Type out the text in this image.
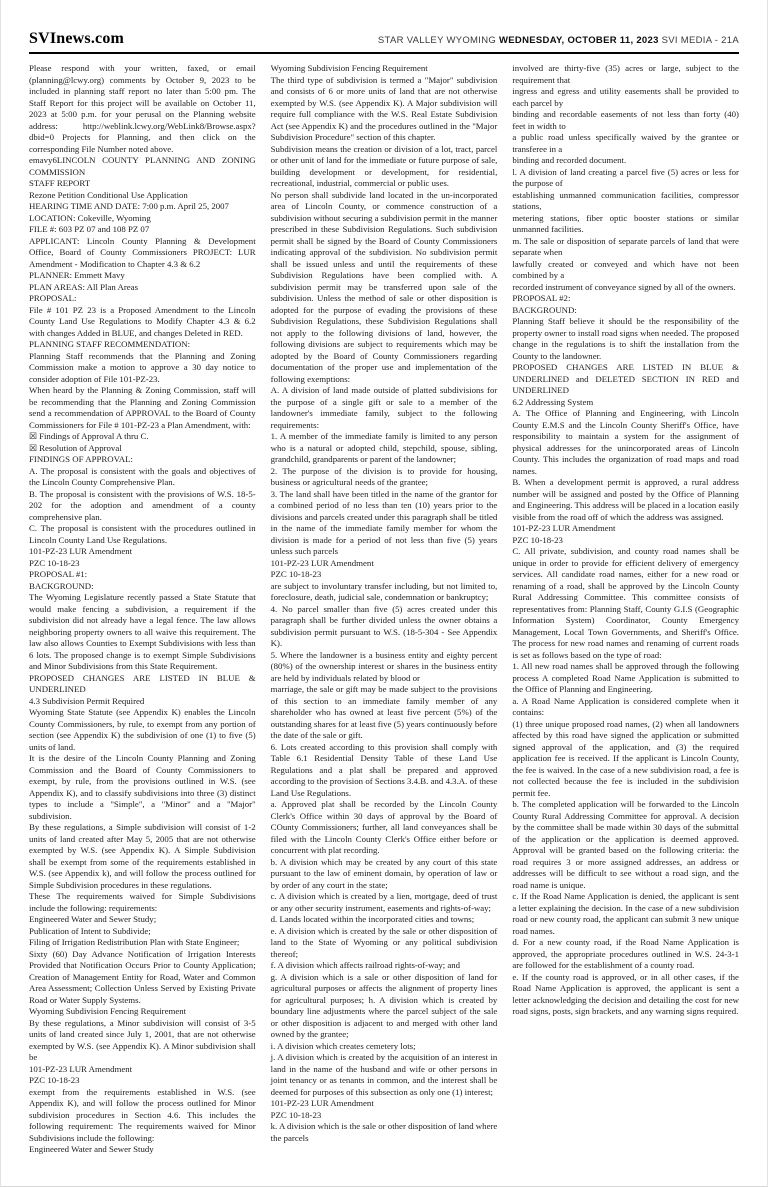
SVInews.com	STAR VALLEY WYOMING WEDNESDAY, OCTOBER 11, 2023 SVI MEDIA - 21A

Please respond with your written, faxed, or email (planning@lcwy.org) comments by October 9, 2023 to be included in planning staff report no later than 5:00 pm. The Staff Report for this project will be available on October 11, 2023 at 5:00 p.m. for your perusal on the Planning website address: http://weblink.lcwy.org/WebLink8/Browse.aspx?dbid=0 Projects for Planning, and then click on the corresponding File Number noted above.

emavy6LINCOLN COUNTY PLANNING AND ZONING COMMISSION

STAFF REPORT

Rezone Petition Conditional Use Application

HEARING TIME AND DATE: 7:00 p.m. April 25, 2007

LOCATION: Cokeville, Wyoming

FILE #: 603 PZ 07 and 108 PZ 07

APPLICANT: Lincoln County Planning & Development Office, Board of County Commissioners PROJECT: LUR Amendment - Modification to Chapter 4.3 & 6.2

PLANNER: Emmett Mavy

PLAN AREAS: All Plan Areas

PROPOSAL:

File # 101 PZ 23 is a Proposed Amendment to the Lincoln County Land Use Regulations to Modify Chapter 4.3 & 6.2 with changes Added in BLUE, and changes Deleted in RED.

PLANNING STAFF RECOMMENDATION:

Planning Staff recommends that the Planning and Zoning Commission make a motion to approve a 30 day notice to consider adoption of File 101-PZ-23.

When heard by the Planning & Zoning Commission, staff will be recommending that the Planning and Zoning Commission send a recommendation of APPROVAL to the Board of County Commissioners for File # 101-PZ-23 a Plan Amendment, with:

☒ Findings of Approval A thru C.

☒ Resolution of Approval

FINDINGS OF APPROVAL:

A. The proposal is consistent with the goals and objectives of the Lincoln County Comprehensive Plan.

B. The proposal is consistent with the provisions of W.S. 18-5-202 for the adoption and amendment of a county comprehensive plan.

C. The proposal is consistent with the procedures outlined in Lincoln County Land Use Regulations.

101-PZ-23 LUR Amendment

PZC 10-18-23

PROPOSAL #1:

BACKGROUND:

The Wyoming Legislature recently passed a State Statute that would make fencing a subdivision, a requirement if the subdivision did not already have a legal fence. The law allows neighboring property owners to all waive this requirement. The law also allows Counties to Exempt Subdivisions with less than 6 lots. The proposed change is to exempt Simple Subdivisions and Minor Subdivisions from this State Requirement.

PROPOSED CHANGES ARE LISTED IN BLUE & UNDERLINED

4.3 Subdivision Permit Required

Wyoming State Statute (see Appendix K) enables the Lincoln County Commissioners, by rule, to exempt from any portion of section (see Appendix K) the subdivision of one (1) to five (5) units of land.

It is the desire of the Lincoln County Planning and Zoning Commission and the Board of County Commissioners to exempt, by rule, from the provisions outlined in W.S. (see Appendix K), and to classify subdivisions into three (3) distinct types to include a "Simple", a "Minor" and a "Major" subdivision.

By these regulations, a Simple subdivision will consist of 1-2 units of land created after May 5, 2005 that are not otherwise exempted by W.S. (see Appendix K). A Simple Subdivision shall be exempt from some of the requirements established in W.S. (see Appendix k), and will follow the process outlined for Simple Subdivision procedures in these regulations.

These The requirements waived for Simple Subdivisions include the following: requirements:

Engineered Water and Sewer Study;

Publication of Intent to Subdivide;

Filing of Irrigation Redistribution Plan with State Engineer;

Sixty (60) Day Advance Notification of Irrigation Interests Provided that Notification Occurs Prior to County Application; Creation of Management Entity for Road, Water and Common Area Assessment; Collection Unless Served by Existing Private Road or Water Supply Systems.

Wyoming Subdivision Fencing Requirement

By these regulations, a Minor subdivision will consist of 3-5 units of land created since July 1, 2001, that are not otherwise exempted by W.S. (see Appendix K). A Minor subdivision shall be

101-PZ-23 LUR Amendment

PZC 10-18-23

exempt from the requirements established in W.S. (see Appendix K), and will follow the process outlined for Minor subdivision procedures in Section 4.6. This includes the following requirement: The requirements waived for Minor Subdivisions include the following:

Engineered Water and Sewer Study

Wyoming Subdivision Fencing Requirement

The third type of subdivision is termed a "Major" subdivision and consists of 6 or more units of land that are not otherwise exempted by W.S. (see Appendix K). A Major subdivision will require full compliance with the W.S. Real Estate Subdivision Act (see Appendix K) and the procedures outlined in the "Major Subdivision Procedure" section of this chapter.

Subdivision means the creation or division of a lot, tract, parcel or other unit of land for the immediate or future purpose of sale, building development or development, for residential, recreational, industrial, commercial or public uses.

No person shall subdivide land located in the un-incorporated area of Lincoln County, or commence construction of a subdivision without securing a subdivision permit in the manner prescribed in these Subdivision Regulations. Such subdivision permit shall be signed by the Board of County Commissioners indicating approval of the subdivision. No subdivision permit shall be issued unless and until the requirements of these Subdivision Regulations have been complied with. A subdivision permit may be transferred upon sale of the subdivision. Unless the method of sale or other disposition is adopted for the purpose of evading the provisions of these Subdivision Regulations, these Subdivision Regulations shall not apply to the following divisions of land, however, the following divisions are subject to requirements which may be adopted by the Board of County Commissioners regarding documentation of the proper use and implementation of the following exemptions:

A. A division of land made outside of platted subdivisions for the purpose of a single gift or sale to a member of the landowner's immediate family, subject to the following requirements:

1. A member of the immediate family is limited to any person who is a natural or adopted child, stepchild, spouse, sibling, grandchild, grandparents or parent of the landowner;

2. The purpose of the division is to provide for housing, business or agricultural needs of the grantee;

3. The land shall have been titled in the name of the grantor for a combined period of no less than ten (10) years prior to the divisions and parcels created under this paragraph shall be titled in the name of the immediate family member for whom the division is made for a period of not less than five (5) years unless such parcels

101-PZ-23 LUR Amendment

PZC 10-18-23

are subject to involuntary transfer including, but not limited to, foreclosure, death, judicial sale, condemnation or bankruptcy;

4. No parcel smaller than five (5) acres created under this paragraph shall be further divided unless the owner obtains a subdivision permit pursuant to W.S. (18-5-304 - See Appendix K).

5. Where the landowner is a business entity and eighty percent (80%) of the ownership interest or shares in the business entity are held by individuals related by blood or

marriage, the sale or gift may be made subject to the provisions of this section to an immediate family member of any shareholder who has owned at least five percent (5%) of the outstanding shares for at least five (5) years continuously before the date of the sale or gift.

6. Lots created according to this provision shall comply with Table 6.1 Residential Density Table of these Land Use Regulations and a plat shall be prepared and approved according to the provision of Sections 3.4.B. and 4.3.A. of these Land Use Regulations.

a. Approved plat shall be recorded by the Lincoln County Clerk's Office within 30 days of approval by the Board of COunty Commissioners; further, all land conveyances shall be filed with the Lincoln County Clerk's Office either before or concurrent with plat recording.

b. A division which may be created by any court of this state pursuant to the law of eminent domain, by operation of law or by order of any court in the state;

c. A division which is created by a lien, mortgage, deed of trust or any other security instrument, easements and rights-of-way;

d. Lands located within the incorporated cities and towns;

e. A division which is created by the sale or other disposition of land to the State of Wyoming or any political subdivision thereof;

f. A division which affects railroad rights-of-way; and

g. A division which is a sale or other disposition of land for agricultural purposes or affects the alignment of property lines for agricultural purposes; h. A division which is created by boundary line adjustments where the parcel subject of the sale or other disposition is adjacent to and merged with other land owned by the grantee;

i. A division which creates cemetery lots;

j. A division which is created by the acquisition of an interest in land in the name of the husband and wife or other persons in joint tenancy or as tenants in common, and the interest shall be deemed for purposes of this subsection as only one (1) interest;

101-PZ-23 LUR Amendment

PZC 10-18-23

k. A division which is the sale or other disposition of land where the parcels

involved are thirty-five (35) acres or large, subject to the requirement that

ingress and egress and utility easements shall be provided to each parcel by

binding and recordable easements of not less than forty (40) feet in width to

a public road unless specifically waived by the grantee or transferee in a

binding and recorded document.

l. A division of land creating a parcel five (5) acres or less for the purpose of

establishing unmanned communication facilities, compressor stations,

metering stations, fiber optic booster stations or similar unmanned facilities.

m. The sale or disposition of separate parcels of land that were separate when

lawfully created or conveyed and which have not been combined by a

recorded instrument of conveyance signed by all of the owners.

PROPOSAL #2:

BACKGROUND:

Planning Staff believe it should be the responsibility of the property owner to install road signs when needed. The proposed change in the regulations is to shift the installation from the County to the landowner.

PROPOSED CHANGES ARE LISTED IN BLUE & UNDERLINED and DELETED SECTION IN RED and UNDERLINED

6.2 Addressing System

A. The Office of Planning and Engineering, with Lincoln County E.M.S and the Lincoln County Sheriff's Office, have responsibility to maintain a system for the assignment of physical addresses for the unincorporated areas of Lincoln County. This includes the organization of road maps and road names.

B. When a development permit is approved, a rural address number will be assigned and posted by the Office of Planning and Engineering. This address will be placed in a location easily visible from the road off of which the address was assigned.

101-PZ-23 LUR Amendment

PZC 10-18-23

C. All private, subdivision, and county road names shall be unique in order to provide for efficient delivery of emergency services. All candidate road names, either for a new road or renaming of a road, shall be approved by the Lincoln County Rural Addressing Committee. This committee consists of representatives from: Planning Staff, County G.I.S (Geographic Information System) Coordinator, County Emergency Management, Local Town Governments, and Sheriff's Office. The process for new road names and renaming of current roads is set as follows based on the type of road:

1. All new road names shall be approved through the following process A completed Road Name Application is submitted to the Office of Planning and Engineering.

a. A Road Name Application is considered complete when it contains:

(1) three unique proposed road names, (2) when all landowners affected by this road have signed the application or submitted signed approval of the application, and (3) the required application fee is received. If the applicant is Lincoln County, the fee is waived. In the case of a new subdivision road, a fee is not collected because the fee is included in the subdivision permit fee.

b. The completed application will be forwarded to the Lincoln County Rural Addressing Committee for approval. A decision by the committee shall be made within 30 days of the submittal of the application or the application is deemed approved. Approval will be granted based on the following criteria: the road requires 3 or more assigned addresses, an address or addresses will be difficult to see without a road sign, and the road name is unique.

c. If the Road Name Application is denied, the applicant is sent a letter explaining the decision. In the case of a new subdivision road or new county road, the applicant can submit 3 new unique road names.

d. For a new county road, if the Road Name Application is approved, the appropriate procedures outlined in W.S. 24-3-1 are followed for the establishment of a county road.

e. If the county road is approved, or in all other cases, if the Road Name Application is approved, the applicant is sent a letter acknowledging the decision and detailing the cost for new road signs, posts, sign brackets, and any warning signs required.
